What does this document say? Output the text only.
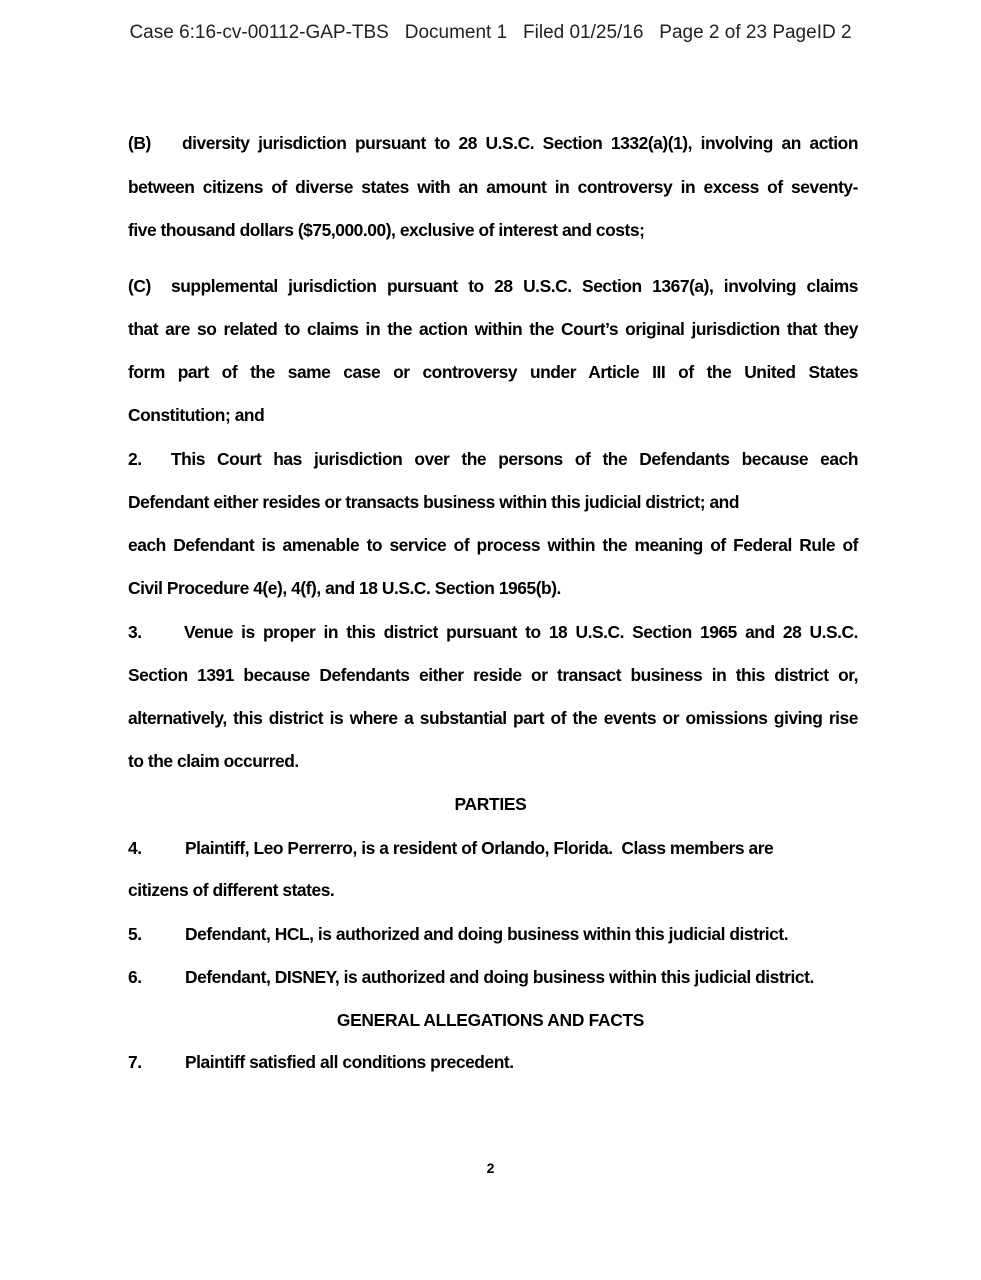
Case 6:16-cv-00112-GAP-TBS Document 1 Filed 01/25/16 Page 2 of 23 PageID 2
(B) diversity jurisdiction pursuant to 28 U.S.C. Section 1332(a)(1), involving an action
between citizens of diverse states with an amount in controversy in excess of seventy-
five thousand dollars ($75,000.00), exclusive of interest and costs;
(C) supplemental jurisdiction pursuant to 28 U.S.C. Section 1367(a), involving claims
that are so related to claims in the action within the Court’s original jurisdiction that they
form part of the same case or controversy under Article III of the United States
Constitution; and
2. This Court has jurisdiction over the persons of the Defendants because each
Defendant either resides or transacts business within this judicial district; and
each Defendant is amenable to service of process within the meaning of Federal Rule of
Civil Procedure 4(e), 4(f), and 18 U.S.C. Section 1965(b).
3. Venue is proper in this district pursuant to 18 U.S.C. Section 1965 and 28 U.S.C.
Section 1391 because Defendants either reside or transact business in this district or,
alternatively, this district is where a substantial part of the events or omissions giving rise
to the claim occurred.
PARTIES
4. Plaintiff, Leo Perrerro, is a resident of Orlando, Florida.  Class members are
citizens of different states.
5. Defendant, HCL, is authorized and doing business within this judicial district.
6. Defendant, DISNEY, is authorized and doing business within this judicial district.
GENERAL ALLEGATIONS AND FACTS
7. Plaintiff satisfied all conditions precedent.
2
